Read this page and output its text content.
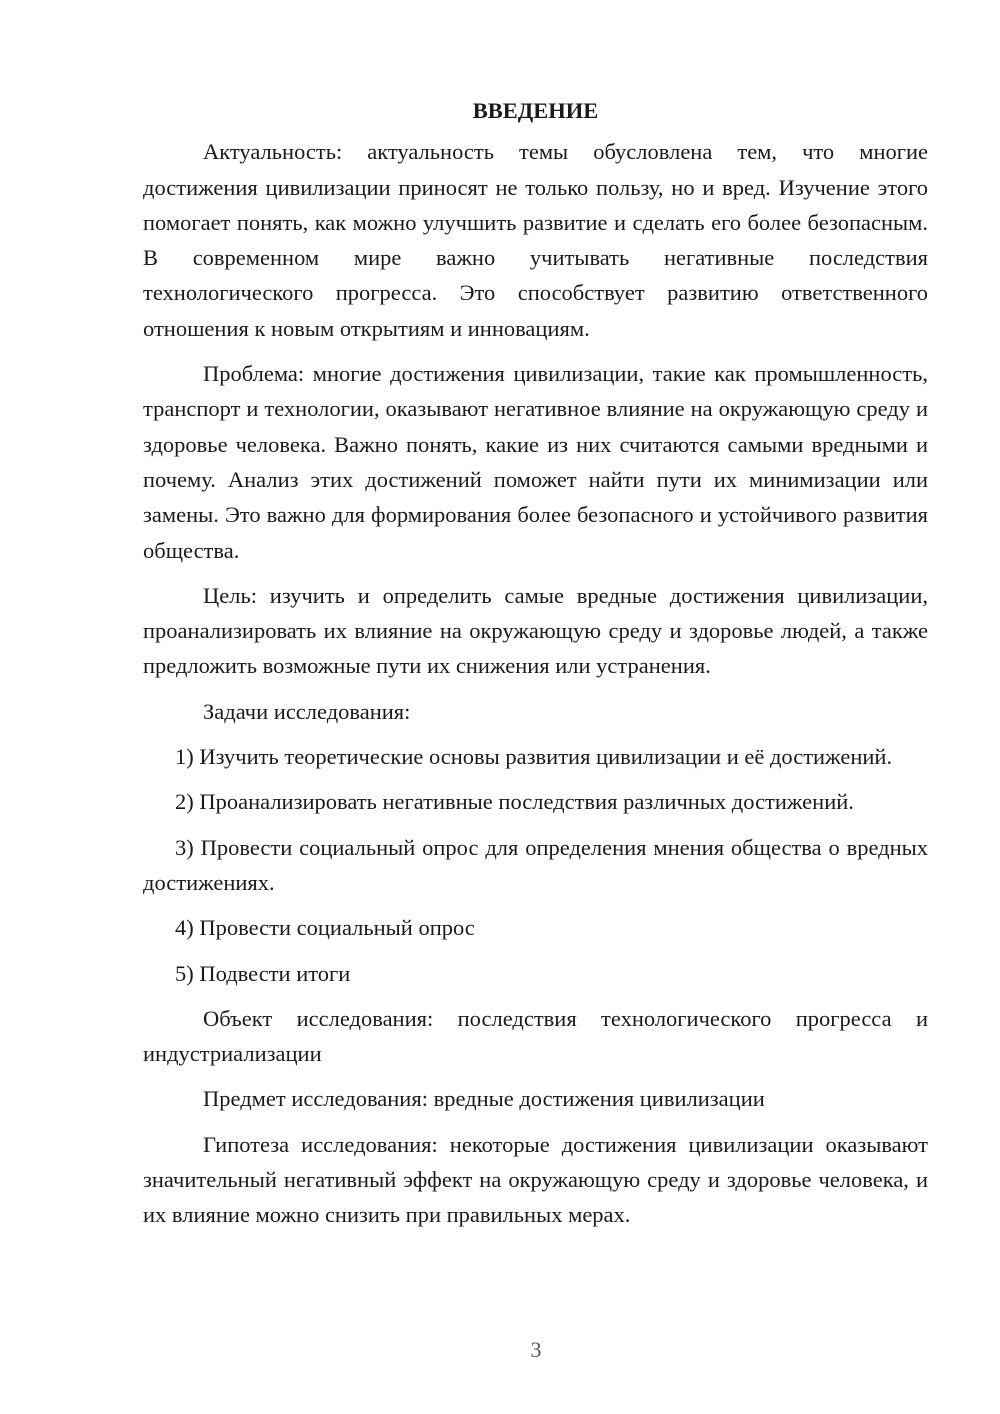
ВВЕДЕНИЕ

Актуальность: актуальность темы обусловлена тем, что многие достижения цивилизации приносят не только пользу, но и вред. Изучение этого помогает понять, как можно улучшить развитие и сделать его более безопасным. В современном мире важно учитывать негативные последствия технологического прогресса. Это способствует развитию ответственного отношения к новым открытиям и инновациям.

Проблема: многие достижения цивилизации, такие как промышленность, транспорт и технологии, оказывают негативное влияние на окружающую среду и здоровье человека. Важно понять, какие из них считаются самыми вредными и почему. Анализ этих достижений поможет найти пути их минимизации или замены. Это важно для формирования более безопасного и устойчивого развития общества.

Цель: изучить и определить самые вредные достижения цивилизации, проанализировать их влияние на окружающую среду и здоровье людей, а также предложить возможные пути их снижения или устранения.

Задачи исследования:

1) Изучить теоретические основы развития цивилизации и её достижений.

2) Проанализировать негативные последствия различных достижений.

3) Провести социальный опрос для определения мнения общества о вредных достижениях.

4) Провести социальный опрос

5) Подвести итоги

Объект исследования: последствия технологического прогресса и индустриализации

Предмет исследования: вредные достижения цивилизации

Гипотеза исследования: некоторые достижения цивилизации оказывают значительный негативный эффект на окружающую среду и здоровье человека, и их влияние можно снизить при правильных мерах.

3
